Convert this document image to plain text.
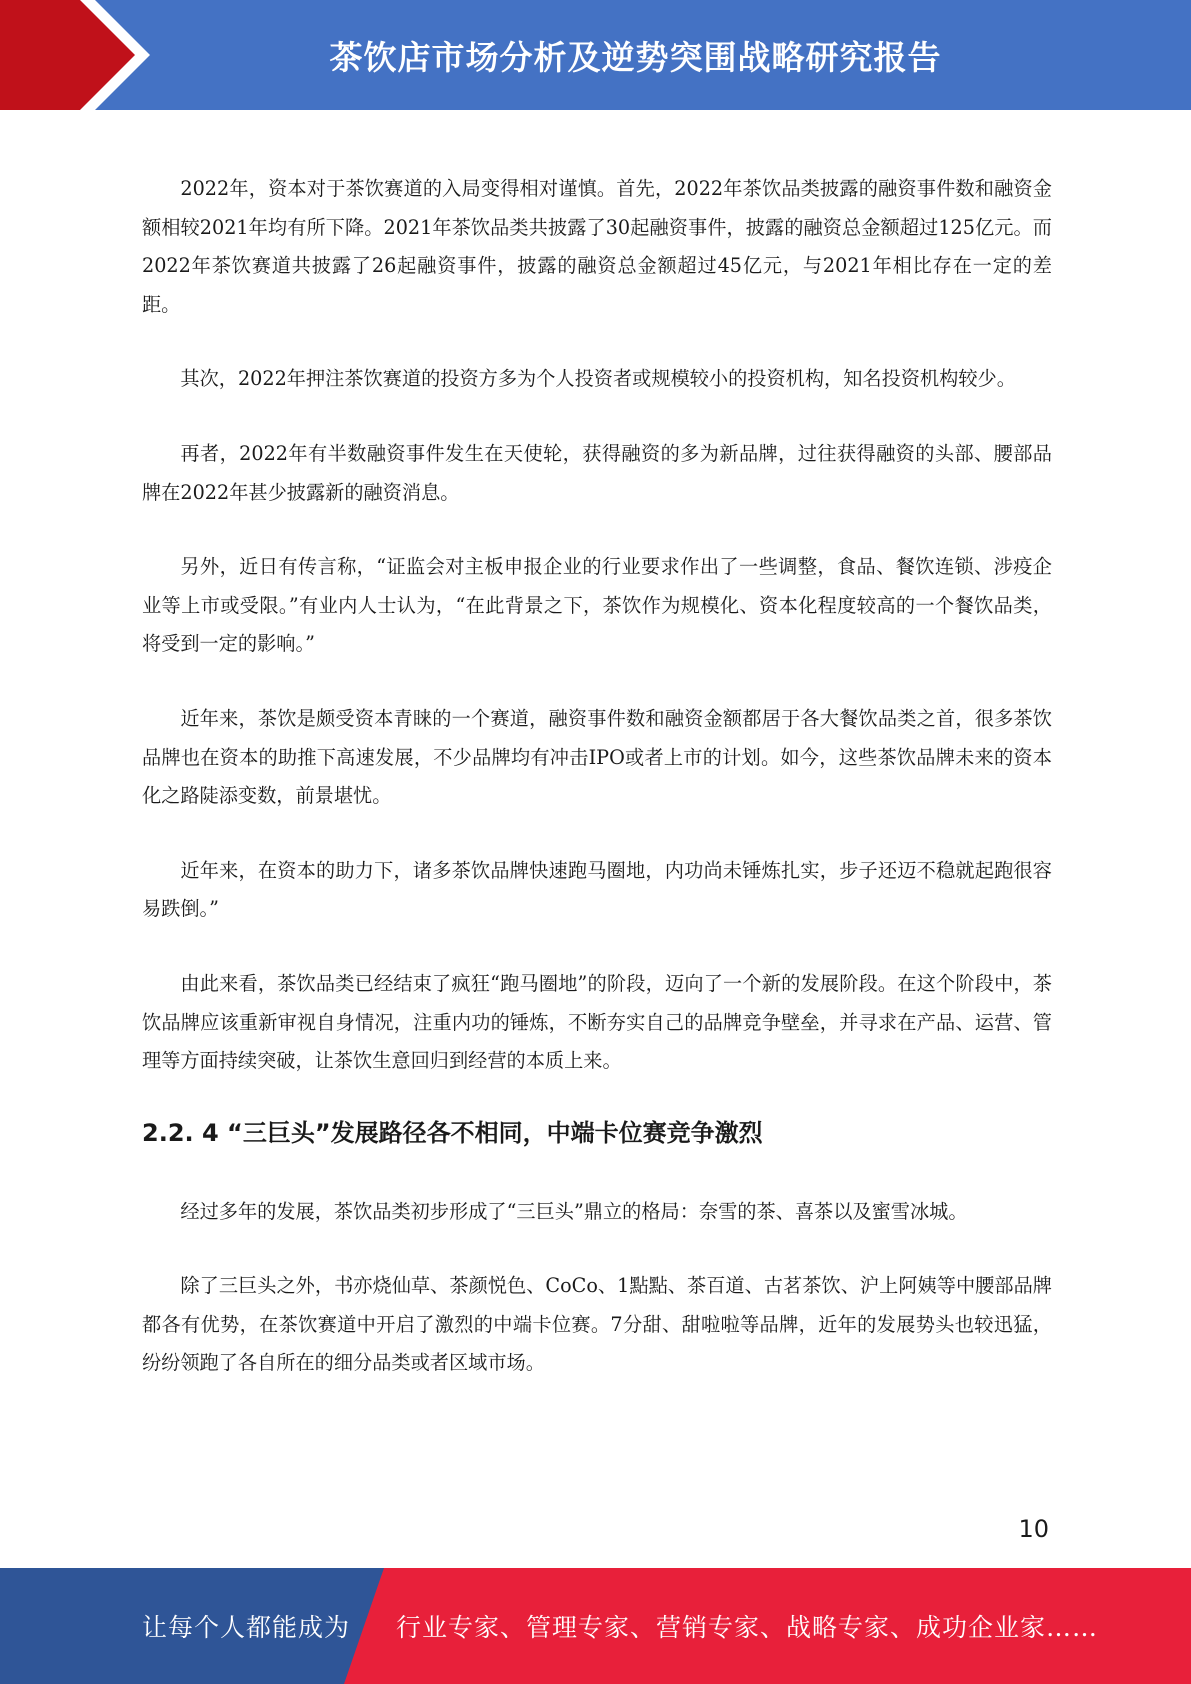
茶饮店市场分析及逆势突围战略研究报告

2022年，资本对于茶饮赛道的入局变得相对谨慎。首先，2022年茶饮品类披露的融资事件数和融资金额相较2021年均有所下降。2021年茶饮品类共披露了30起融资事件，披露的融资总金额超过125亿元。而2022年茶饮赛道共披露了26起融资事件，披露的融资总金额超过45亿元，与2021年相比存在一定的差距。

其次，2022年押注茶饮赛道的投资方多为个人投资者或规模较小的投资机构，知名投资机构较少。

再者，2022年有半数融资事件发生在天使轮，获得融资的多为新品牌，过往获得融资的头部、腰部品牌在2022年甚少披露新的融资消息。

另外，近日有传言称，“证监会对主板申报企业的行业要求作出了一些调整，食品、餐饮连锁、涉疫企业等上市或受限。”有业内人士认为，“在此背景之下，茶饮作为规模化、资本化程度较高的一个餐饮品类，将受到一定的影响。”

近年来，茶饮是颇受资本青睐的一个赛道，融资事件数和融资金额都居于各大餐饮品类之首，很多茶饮品牌也在资本的助推下高速发展，不少品牌均有冲击IPO或者上市的计划。如今，这些茶饮品牌未来的资本化之路陡添变数，前景堪忧。

近年来，在资本的助力下，诸多茶饮品牌快速跑马圈地，内功尚未锤炼扎实，步子还迈不稳就起跑很容易跌倒。”

由此来看，茶饮品类已经结束了疯狂“跑马圈地”的阶段，迈向了一个新的发展阶段。在这个阶段中，茶饮品牌应该重新审视自身情况，注重内功的锤炼，不断夯实自己的品牌竞争壁垒，并寻求在产品、运营、管理等方面持续突破，让茶饮生意回归到经营的本质上来。

2.2. 4 “三巨头”发展路径各不相同，中端卡位赛竞争激烈

经过多年的发展，茶饮品类初步形成了“三巨头”鼎立的格局：奈雪的茶、喜茶以及蜜雪冰城。

除了三巨头之外，书亦烧仙草、茶颜悦色、CoCo、1點點、茶百道、古茗茶饮、沪上阿姨等中腰部品牌都各有优势，在茶饮赛道中开启了激烈的中端卡位赛。7分甜、甜啦啦等品牌，近年的发展势头也较迅猛，纷纷领跑了各自所在的细分品类或者区域市场。

10
让每个人都能成为 行业专家、管理专家、营销专家、战略专家、成功企业家……
